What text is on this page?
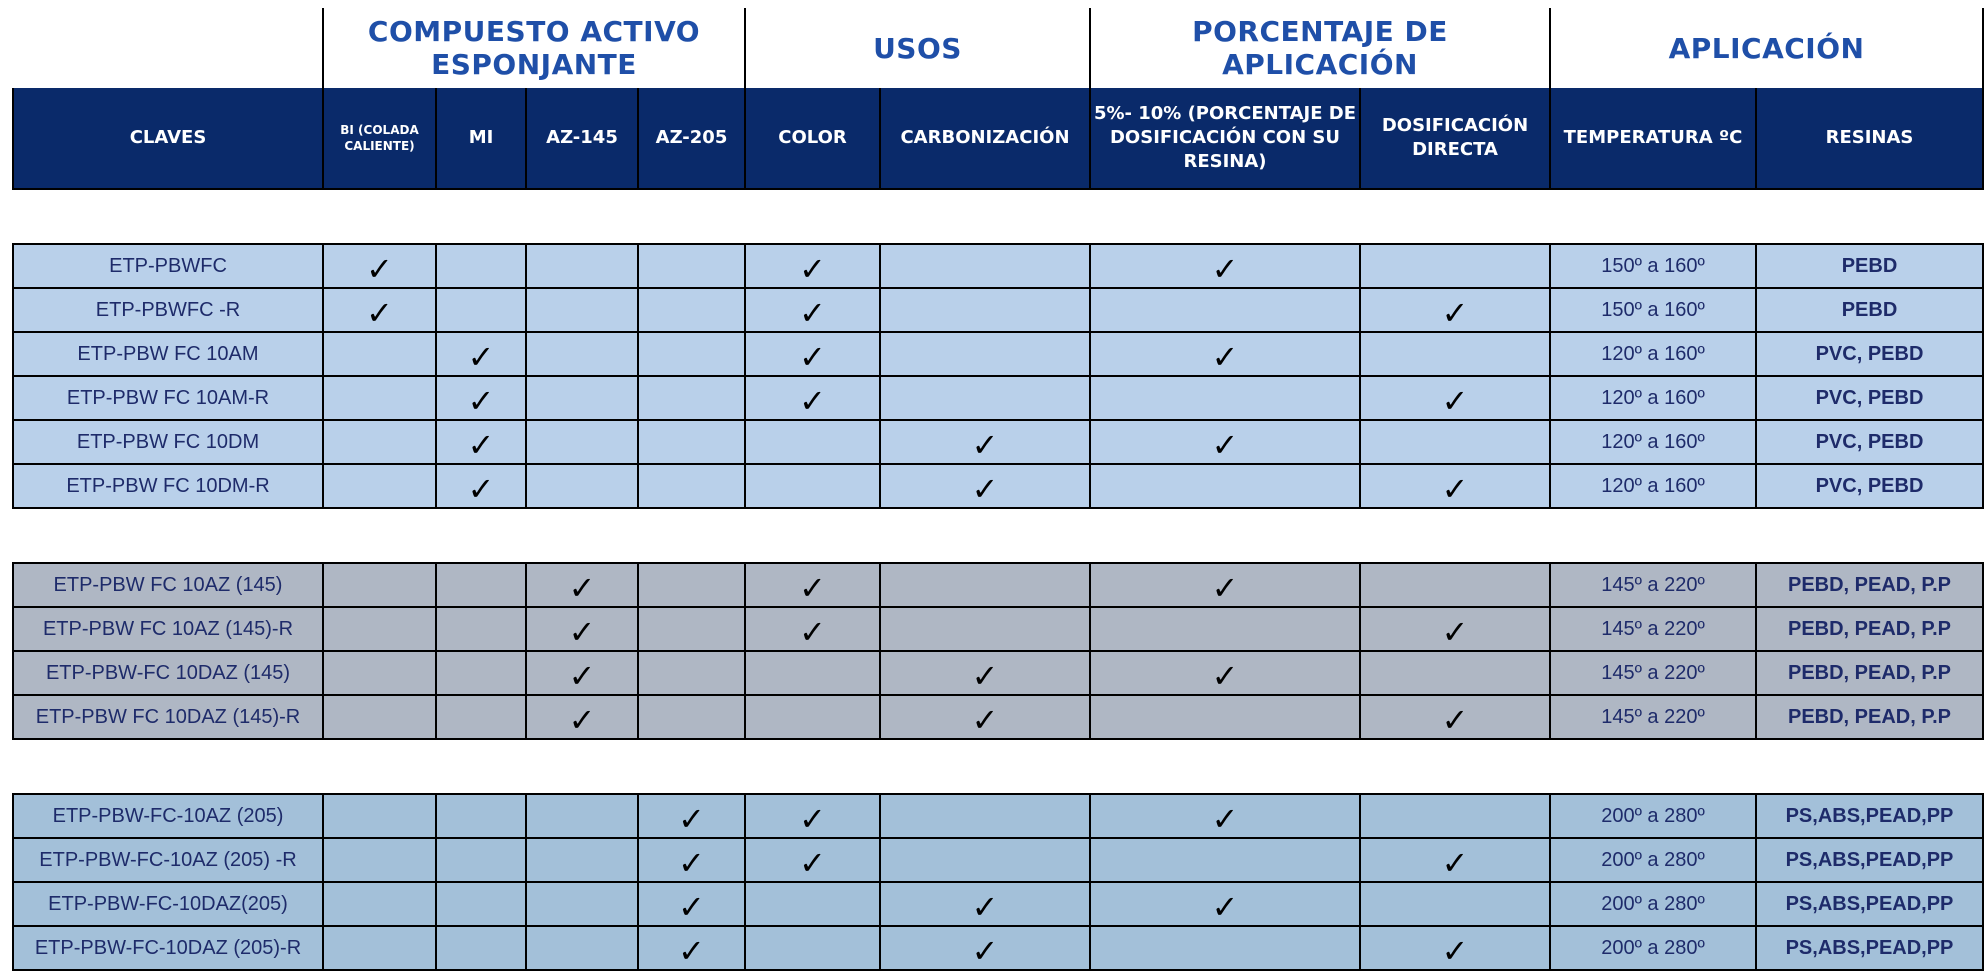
	COMPUESTO ACTIVO ESPONJANTE				USOS		PORCENTAJE DE APLICACIÓN		APLICACIÓN	
CLAVES	BI (COLADA CALIENTE)	MI	AZ-145	AZ-205	COLOR	CARBONIZACIÓN	5%- 10% (PORCENTAJE DE DOSIFICACIÓN CON SU RESINA)	DOSIFICACIÓN DIRECTA	TEMPERATURA ºC	RESINAS

ETP-PBWFC	✓				✓		✓		150º a 160º	PEBD
ETP-PBWFC -R	✓				✓			✓	150º a 160º	PEBD
ETP-PBW FC 10AM		✓			✓		✓		120º a 160º	PVC, PEBD
ETP-PBW FC 10AM-R		✓			✓			✓	120º a 160º	PVC, PEBD
ETP-PBW FC 10DM		✓				✓	✓		120º a 160º	PVC, PEBD
ETP-PBW FC 10DM-R		✓				✓		✓	120º a 160º	PVC, PEBD

ETP-PBW FC 10AZ (145)			✓		✓		✓		145º a 220º	PEBD, PEAD, P.P
ETP-PBW FC 10AZ (145)-R			✓		✓			✓	145º a 220º	PEBD, PEAD, P.P
ETP-PBW-FC 10DAZ (145)			✓			✓	✓		145º a 220º	PEBD, PEAD, P.P
ETP-PBW FC 10DAZ (145)-R			✓			✓		✓	145º a 220º	PEBD, PEAD, P.P

ETP-PBW-FC-10AZ (205)				✓	✓		✓		200º a 280º	PS,ABS,PEAD,PP
ETP-PBW-FC-10AZ (205) -R				✓	✓			✓	200º a 280º	PS,ABS,PEAD,PP
ETP-PBW-FC-10DAZ(205)				✓		✓	✓		200º a 280º	PS,ABS,PEAD,PP
ETP-PBW-FC-10DAZ (205)-R				✓		✓		✓	200º a 280º	PS,ABS,PEAD,PP
